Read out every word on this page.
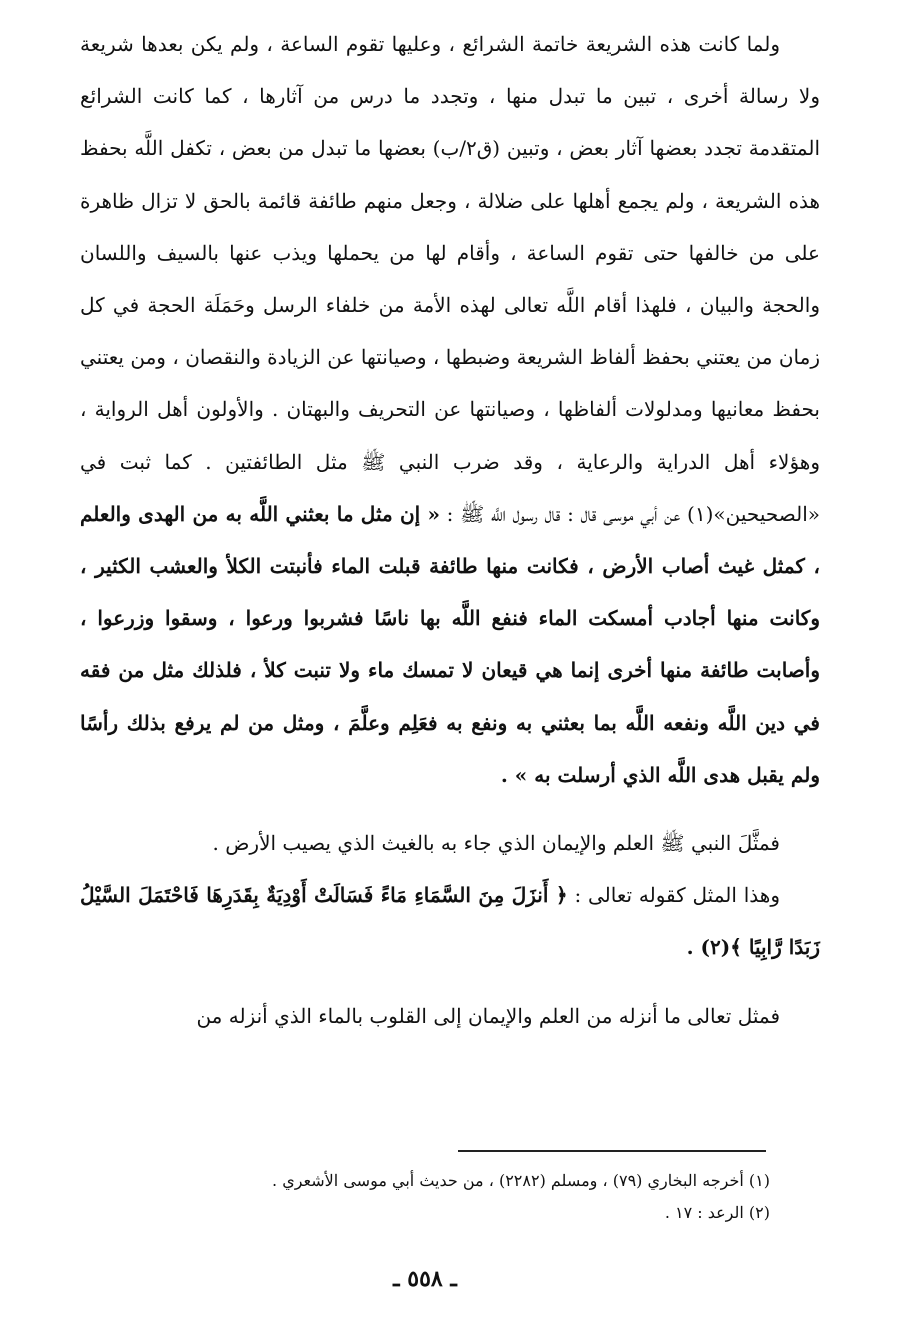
ولما كانت هذه الشريعة خاتمة الشرائع ، وعليها تقوم الساعة ، ولم يكن بعدها شريعة ولا رسالة أخرى ، تبين ما تبدل منها ، وتجدد ما درس من آثارها ، كما كانت الشرائع المتقدمة تجدد بعضها آثار بعض ، وتبين (ق٢/ب) بعضها ما تبدل من بعض ، تكفل اللَّه بحفظ هذه الشريعة ، ولم يجمع أهلها على ضلالة ، وجعل منهم طائفة قائمة بالحق لا تزال ظاهرة على من خالفها حتى تقوم الساعة ، وأقام لها من يحملها ويذب عنها بالسيف واللسان والحجة والبيان ، فلهذا أقام اللَّه تعالى لهذه الأمة من خلفاء الرسل وحَمَلَة الحجة في كل زمان من يعتني بحفظ ألفاظ الشريعة وضبطها ، وصيانتها عن الزيادة والنقصان ، ومن يعتني بحفظ معانيها ومدلولات ألفاظها ، وصيانتها عن التحريف والبهتان . والأولون أهل الرواية ، وهؤلاء أهل الدراية والرعاية ، وقد ضرب النبي ﷺ مثل الطائفتين . كما ثبت في «الصحيحين»(١) عن أبي موسى قال : قال رسول اللَّه ﷺ : « إن مثل ما بعثني اللَّه به من الهدى والعلم ، كمثل غيث أصاب الأرض ، فكانت منها طائفة قبلت الماء فأنبتت الكلأ والعشب الكثير ، وكانت منها أجادب أمسكت الماء فنفع اللَّه بها ناسًا فشربوا ورعوا ، وسقوا وزرعوا ، وأصابت طائفة منها أخرى إنما هي قيعان لا تمسك ماء ولا تنبت كلأ ، فلذلك مثل من فقه في دين اللَّه ونفعه اللَّه بما بعثني به ونفع به فعَلِم وعلَّمَ ، ومثل من لم يرفع بذلك رأسًا ولم يقبل هدى اللَّه الذي أرسلت به » .

فمثَّلَ النبي ﷺ العلم والإيمان الذي جاء به بالغيث الذي يصيب الأرض .

وهذا المثل كقوله تعالى : ﴿ أَنزَلَ مِنَ السَّمَاءِ مَاءً فَسَالَتْ أَوْدِيَةٌ بِقَدَرِهَا فَاحْتَمَلَ السَّيْلُ زَبَدًا رَّابِيًا ﴾(٢) .

فمثل تعالى ما أنزله من العلم والإيمان إلى القلوب بالماء الذي أنزله من

(١) أخرجه البخاري (٧٩) ، ومسلم (٢٢٨٢) ، من حديث أبي موسى الأشعري .

(٢) الرعد : ١٧ .

ـ ٥٥٨ ـ
